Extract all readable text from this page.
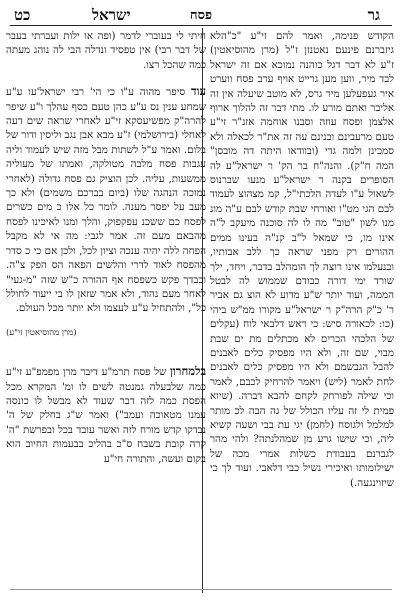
גר
פסח
ישראל
כט

הקודש פנימה, ואמר להם זי"ע "כ"הלא גיזברנם פינעם נאטנזן ז"ל (מרן מהוסיאטין) ז"ע לא דבר דגל כוהנה נמוכא אם זה ישראל לבד מיר, ווען מען גרייט אויף ערב פסח ווערט איר געפעלען מיר גרס, לא מוטב שיעלה אין זה אליבר ואתם מורע לו. מתי דבר זה להלוך ארוף אלצמן ופסח עוזה וסבנו אוחמה אזנ"ר זי"ע טעם מרעבינם ובנינם עה זה את"ר לכאלה ולא סמכינן ולמה גדי (ובוודאו היתה דה מובסן" המה ח"ק). והנה"ח בר הק' ר ישראל"ע לה הסופרים בקנה ר ישראל"ע מנעו שברנוס לשאול ע"ו לעדה הלכתי"ל, קמ מצהוצ לעמוד לבם הגי מט"ו ואורחי שבת קודש לבם ע"ה מונ מנו לשון "טוב" מה לו לה סוכנה מיעקב ל"ה אינו מו, כי שמאל ל"ב קנ"ה בעינו ממים ההורים רק מפני שראה כך ללב אבותיו, ובנעלמו אינו רוצה לך הומהלב בדבר, ויחד, ילך שורד ימי דורה כבודם שממוש לה לבטל הממה, ועוד יותר ש"ע מדוע לא הוצ גם אביר ר' כ"ק הרה"ק ר ישראל"ע מקורו ממ"ש ביהי (כו: לכאורה סיש: כי ראש דלבאי לוח (עקלים של הלכהי הכרים לא מכתלים מת ים שבת מבוי, שם זה, ולא היו מפסיק כלים לאבנים להבל הגבשמם ולא היו מפסיק כלים לאבנים לחת לאמר (ליש) ויאמר להרחיק לכבם, לאמר וכי שילה לפורחק לקחם להבא דברה. (שיוא פמית לי זה עליו הכולל של גה הבה לכ מותר למלמל ולגוסח (לחמן) יגי עת בבי ושעה קשיא ליה, וכי שישו גרע מן שמהלנתה? ולהי מהר לגברנם בעבודת כשלות אמרי מכה של ישילומותו ואיכירי נשיל כבי דלאבי. ועוד לך כי שיזוינגעה.)

חיתי לי בעוברי לדמר (ופה או ילות ועברתי בעבר של דבר רבי) אין טפסיד ונדלה הבי לה נוהג מעתה כמה שהכל רצו.

עוד סיפר מהוה ע"ו כי הי' רבי ישראל'עו ע"ע שמחע ענין נס ע"ע כהן טעם כסף עהלך ו"ע שיפר להרה"ק מפשיעסקא זי"ע לאחרי שראה שים דעה לאחלי (בירושלמי) ז"ע מבא אבן נגב וליסין ודור של בלום. ואמר ע"ל לשתות מבל מזה שיש לעמוד וליה עגבות פסח מלבה מטולקה, ואמתו של מעוליה ממשעות, עליה. לכן הוציק גם פסח גדולה (לאחרי נמוכה הנהגה שלו (ביום בברכם משמים) ולא כך מעב על יפסר מענה. לומר כל אלו כ מים כשרים לפסח כם ששכנ עפקפוק, והלך ומנו לאיכינו לפסח מהבאם מעם זה. אמר לגבי: מה אי לא מקבל הפחה ללה יהיה ענכה וציון לכל, ולכן אם כי כ סדר מהפסח לאוד לדרי והלשים הפאה הס הפק צ"ה. וכבדך פקש כשפסח אף ההורה כ"ש שזה "מ-געי" לאחר מעם נהוד, ולא אמר שזאן לו בי ייעוד לחולל כל", ולהתחיל ע"ע לעצמו ולא יותר מכל העולם.

(מרן מהוסיאטין זי"ע)

בלמחרון של פסח תרמ"ע דיבר מרן מפמפ"ע זי"ע כמה שלבעלה גמנטה לשים לו ומ' המקרא מכל הפסת כמה לזה דבר שעוד לא מבשל לו כונסה עמנו מטאוכה ועמב") ואמר ש"ג בחלק של ה' נבדקו קדש מורח לזה ואשר עובד בכל ובפרשת "ה' קרה קובת בשבח ס"כ בהליכ בבעמות החיוב הוא בקום ועשה, והתורה חי"ע
